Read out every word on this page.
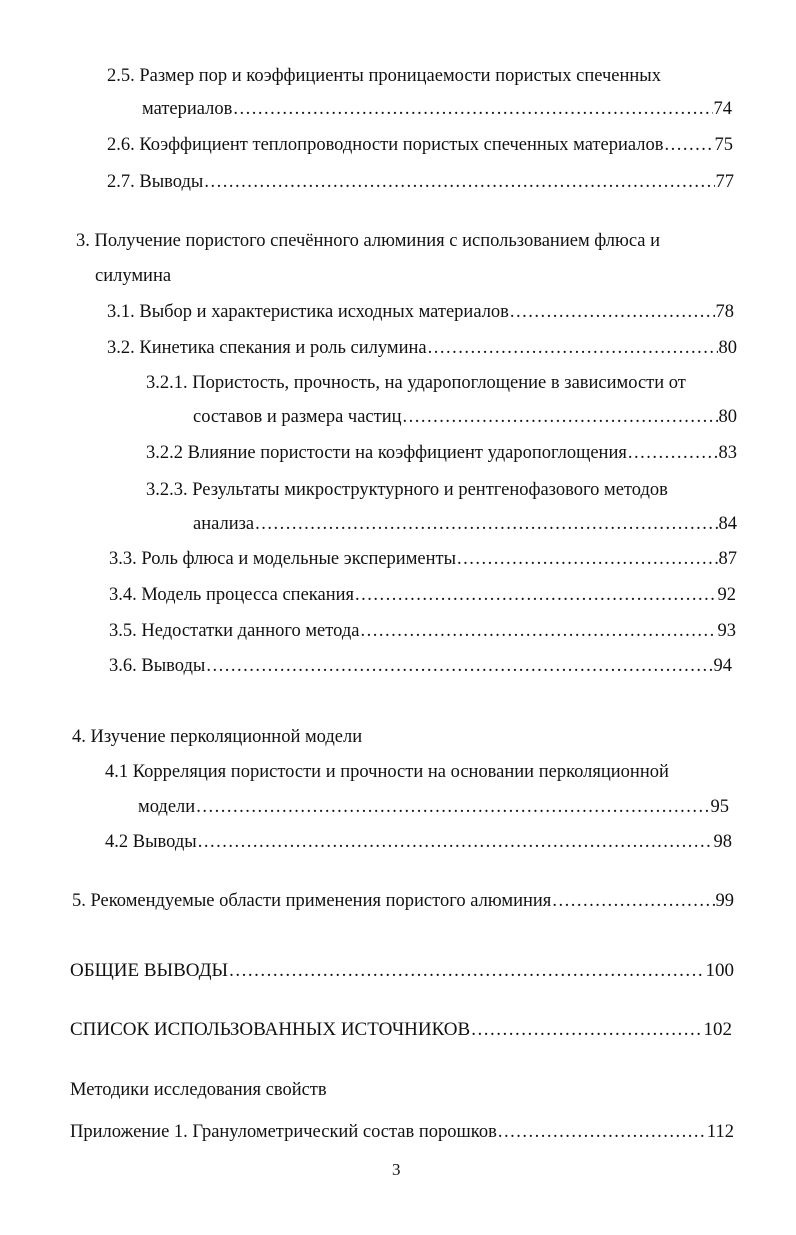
2.5. Размер пор и коэффициенты проницаемости пористых спеченных
материалов .....	74
2.6. Коэффициент теплопроводности пористых спеченных материалов .....	75
2.7. Выводы .....	77
3. Получение пористого спечённого алюминия с использованием флюса и
силумина
3.1. Выбор и характеристика исходных материалов .....	78
3.2. Кинетика спекания и роль силумина .....	80
3.2.1. Пористость, прочность, на ударопоглощение в зависимости от
составов и размера частиц .....	80
3.2.2 Влияние пористости на коэффициент ударопоглощения .....	83
3.2.3. Результаты микроструктурного и рентгенофазового методов
анализа .....	84
3.3. Роль флюса и модельные эксперименты .....	87
3.4. Модель процесса спекания .....	92
3.5. Недостатки данного метода .....	93
3.6. Выводы .....	94
4. Изучение перколяционной модели
4.1 Корреляция пористости и прочности на основании перколяционной
модели .....	95
4.2 Выводы .....	98
5. Рекомендуемые области применения пористого алюминия .....	99
ОБЩИЕ ВЫВОДЫ .....	100
СПИСОК ИСПОЛЬЗОВАННЫХ ИСТОЧНИКОВ .....	102
Методики исследования свойств
Приложение 1. Гранулометрический состав порошков .....	112
3
